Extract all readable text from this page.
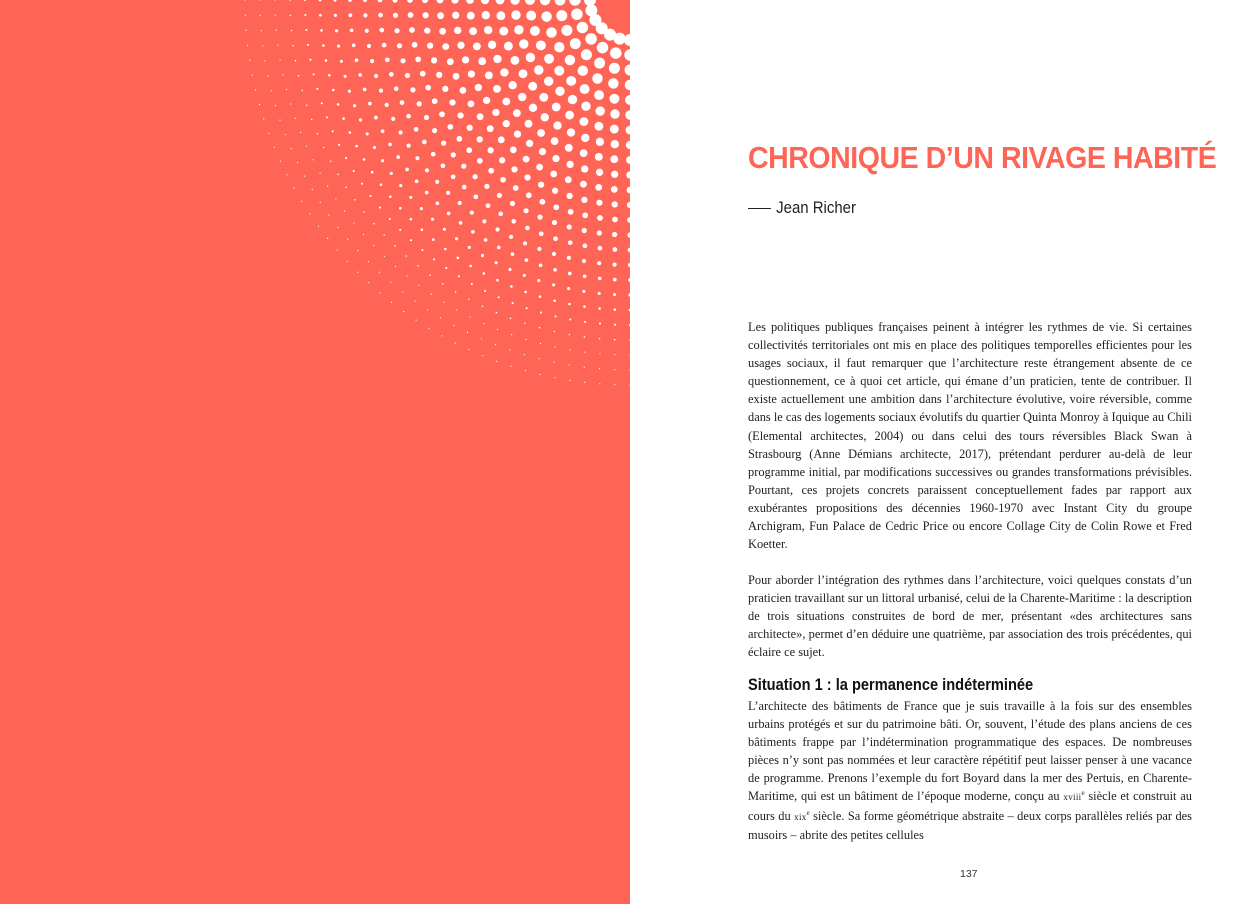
CHRONIQUE D’UN RIVAGE HABITÉ
Jean Richer

Les politiques publiques françaises peinent à intégrer les rythmes de vie. Si certaines collectivités territoriales ont mis en place des politiques temporelles efficientes pour les usages sociaux, il faut remarquer que l’architecture reste étrangement absente de ce questionnement, ce à quoi cet article, qui émane d’un praticien, tente de contribuer. Il existe actuellement une ambition dans l’architecture évolutive, voire réversible, comme dans le cas des logements sociaux évolutifs du quartier Quinta Monroy à Iquique au Chili (Elemental architectes, 2004) ou dans celui des tours réversibles Black Swan à Strasbourg (Anne Démians architecte, 2017), prétendant perdurer au-delà de leur programme initial, par modifications successives ou grandes transformations prévisibles. Pourtant, ces projets concrets paraissent conceptuellement fades par rapport aux exubérantes propositions des décennies 1960-1970 avec Instant City du groupe Archigram, Fun Palace de Cedric Price ou encore Collage City de Colin Rowe et Fred Koetter.

Pour aborder l’intégration des rythmes dans l’architecture, voici quelques constats d’un praticien travaillant sur un littoral urbanisé, celui de la Charente-Maritime : la description de trois situations construites de bord de mer, présentant «des architectures sans architecte», permet d’en déduire une quatrième, par association des trois précédentes, qui éclaire ce sujet.

Situation 1 : la permanence indéterminée

L’architecte des bâtiments de France que je suis travaille à la fois sur des ensembles urbains protégés et sur du patrimoine bâti. Or, souvent, l’étude des plans anciens de ces bâtiments frappe par l’indétermination programmatique des espaces. De nombreuses pièces n’y sont pas nommées et leur caractère répétitif peut laisser penser à une vacance de programme. Prenons l’exemple du fort Boyard dans la mer des Pertuis, en Charente-Maritime, qui est un bâtiment de l’époque moderne, conçu au xviii$^e$ siècle et construit au cours du xix$^e$ siècle. Sa forme géométrique abstraite – deux corps parallèles reliés par des musoirs – abrite des petites cellules

137
